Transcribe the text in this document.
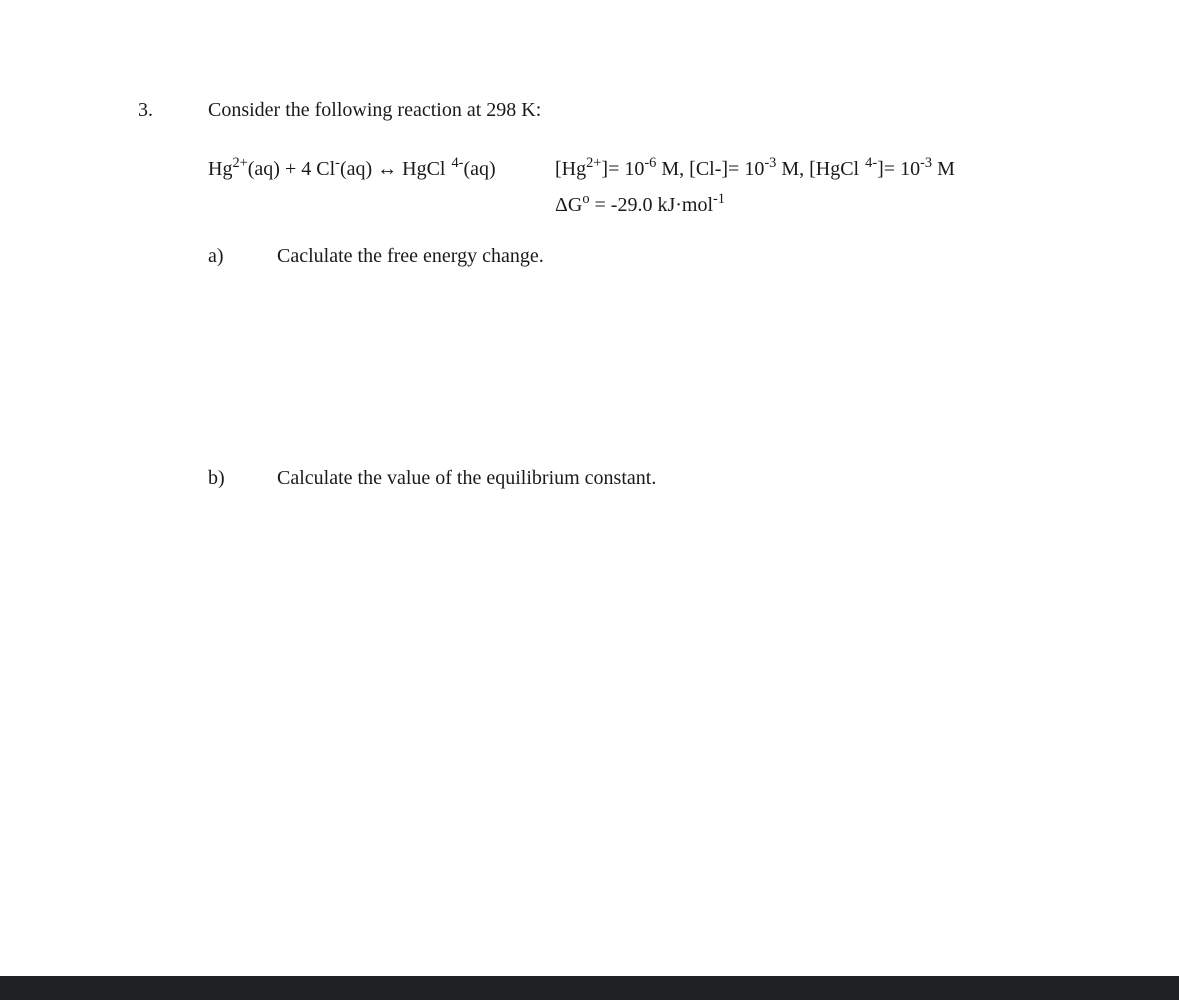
3.	Consider the following reaction at 298 K:
$Hg^{2+}(aq) + 4$ Cl-(aq) ↔ HgCl $^{4-}$(aq)	$[Hg^{2+}]= 10^{-6}$ M, $[Cl-]= 10^{-3}$ M, [HgCl $^{4-}]= 10^{-3}$ M
$\Delta G^o = -29.0$ kJ·mol$^{-1}$
a)	Caclulate the free energy change.
b)	Calculate the value of the equilibrium constant.
